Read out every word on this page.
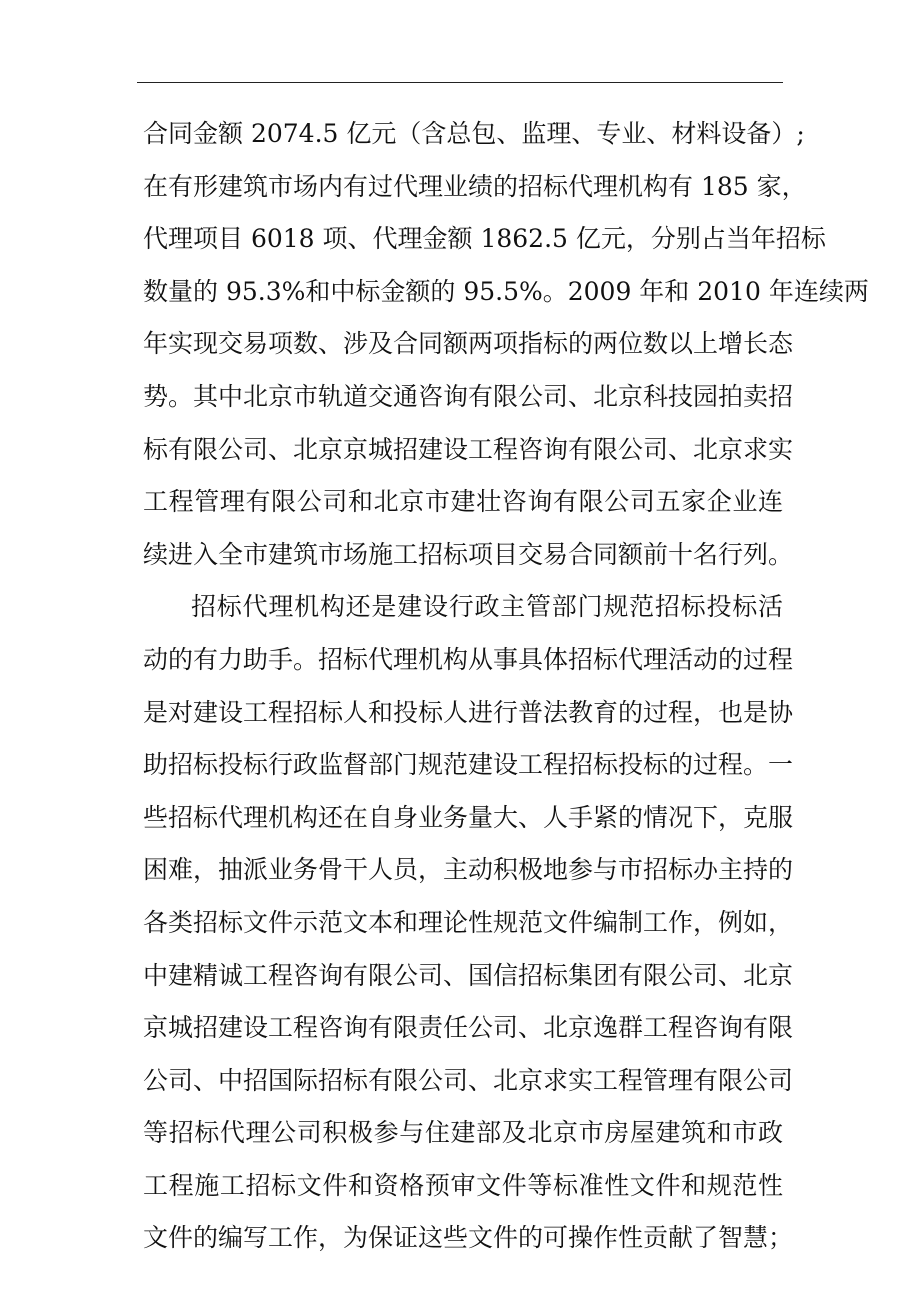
合同金额 2074.5 亿元（含总包、监理、专业、材料设备）;
在有形建筑市场内有过代理业绩的招标代理机构有 185 家，
代理项目 6018 项、代理金额 1862.5 亿元，分别占当年招标
数量的 95.3%和中标金额的 95.5%。2009 年和 2010 年连续两
年实现交易项数、涉及合同额两项指标的两位数以上增长态
势。其中北京市轨道交通咨询有限公司、北京科技园拍卖招
标有限公司、北京京城招建设工程咨询有限公司、北京求实
工程管理有限公司和北京市建壮咨询有限公司五家企业连
续进入全市建筑市场施工招标项目交易合同额前十名行列。
招标代理机构还是建设行政主管部门规范招标投标活
动的有力助手。招标代理机构从事具体招标代理活动的过程
是对建设工程招标人和投标人进行普法教育的过程，也是协
助招标投标行政监督部门规范建设工程招标投标的过程。一
些招标代理机构还在自身业务量大、人手紧的情况下，克服
困难，抽派业务骨干人员，主动积极地参与市招标办主持的
各类招标文件示范文本和理论性规范文件编制工作，例如，
中建精诚工程咨询有限公司、国信招标集团有限公司、北京
京城招建设工程咨询有限责任公司、北京逸群工程咨询有限
公司、中招国际招标有限公司、北京求实工程管理有限公司
等招标代理公司积极参与住建部及北京市房屋建筑和市政
工程施工招标文件和资格预审文件等标准性文件和规范性
文件的编写工作，为保证这些文件的可操作性贡献了智慧；
